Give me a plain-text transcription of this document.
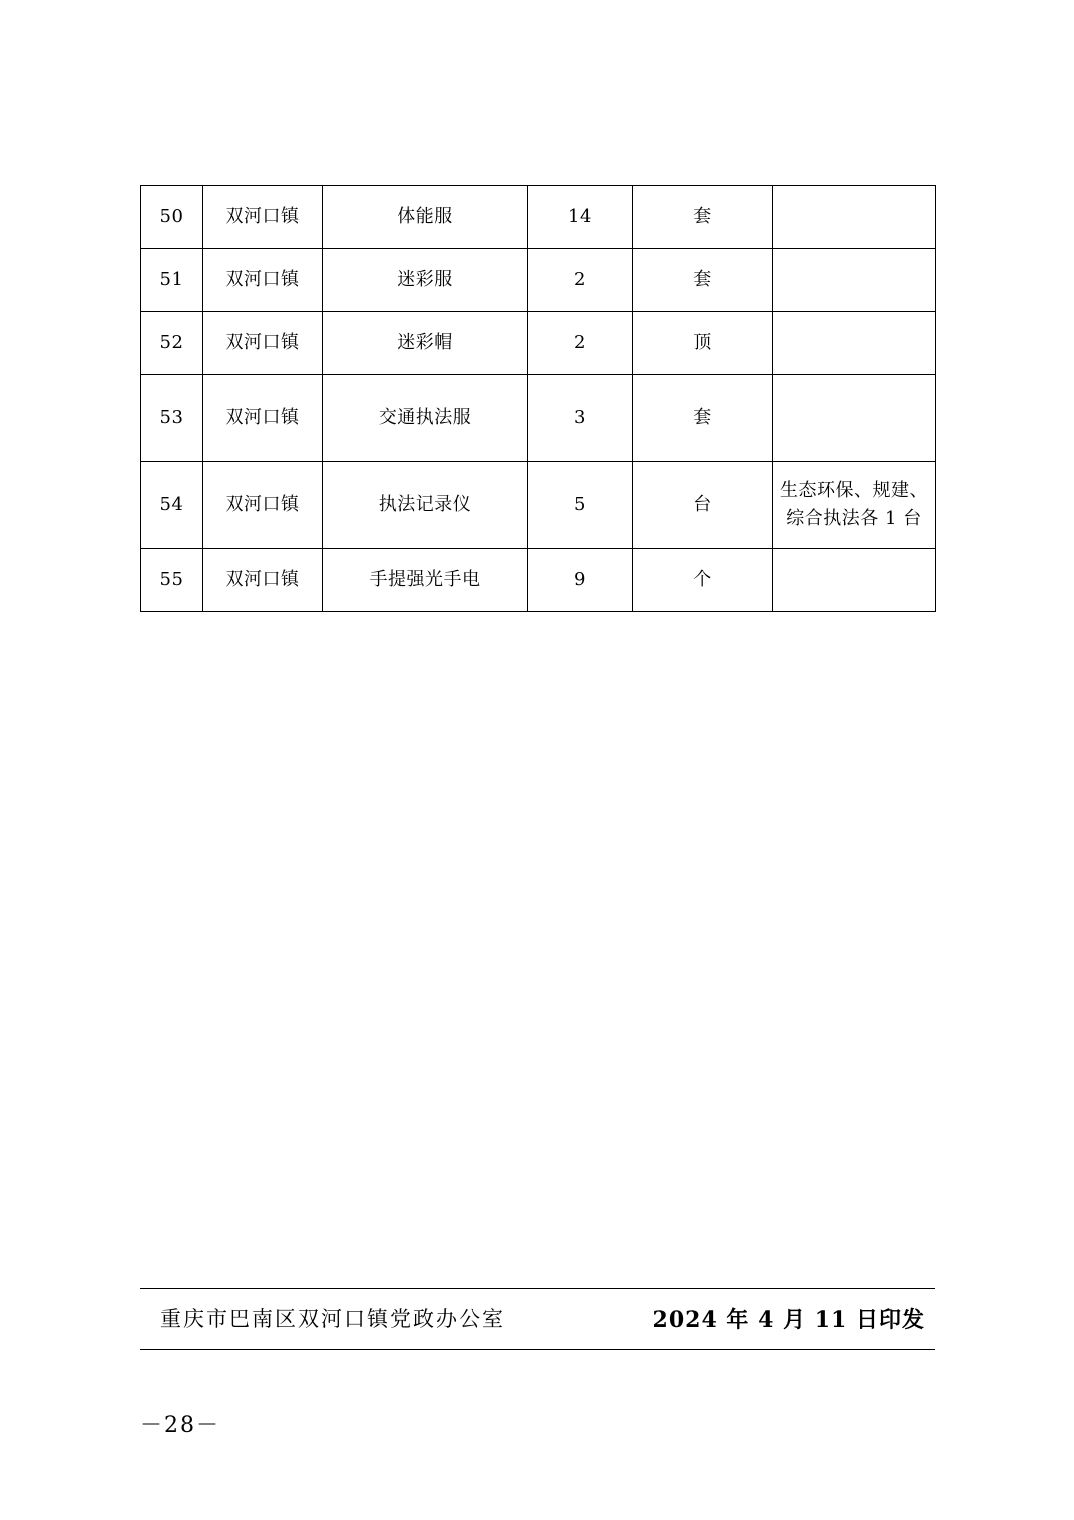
50	双河口镇	体能服	14	套	
51	双河口镇	迷彩服	2	套	
52	双河口镇	迷彩帽	2	顶	
53	双河口镇	交通执法服	3	套	
54	双河口镇	执法记录仪	5	台	生态环保、规建、综合执法各 1 台
55	双河口镇	手提强光手电	9	个	
重庆市巴南区双河口镇党政办公室	2024 年 4 月 11 日印发
－28－
